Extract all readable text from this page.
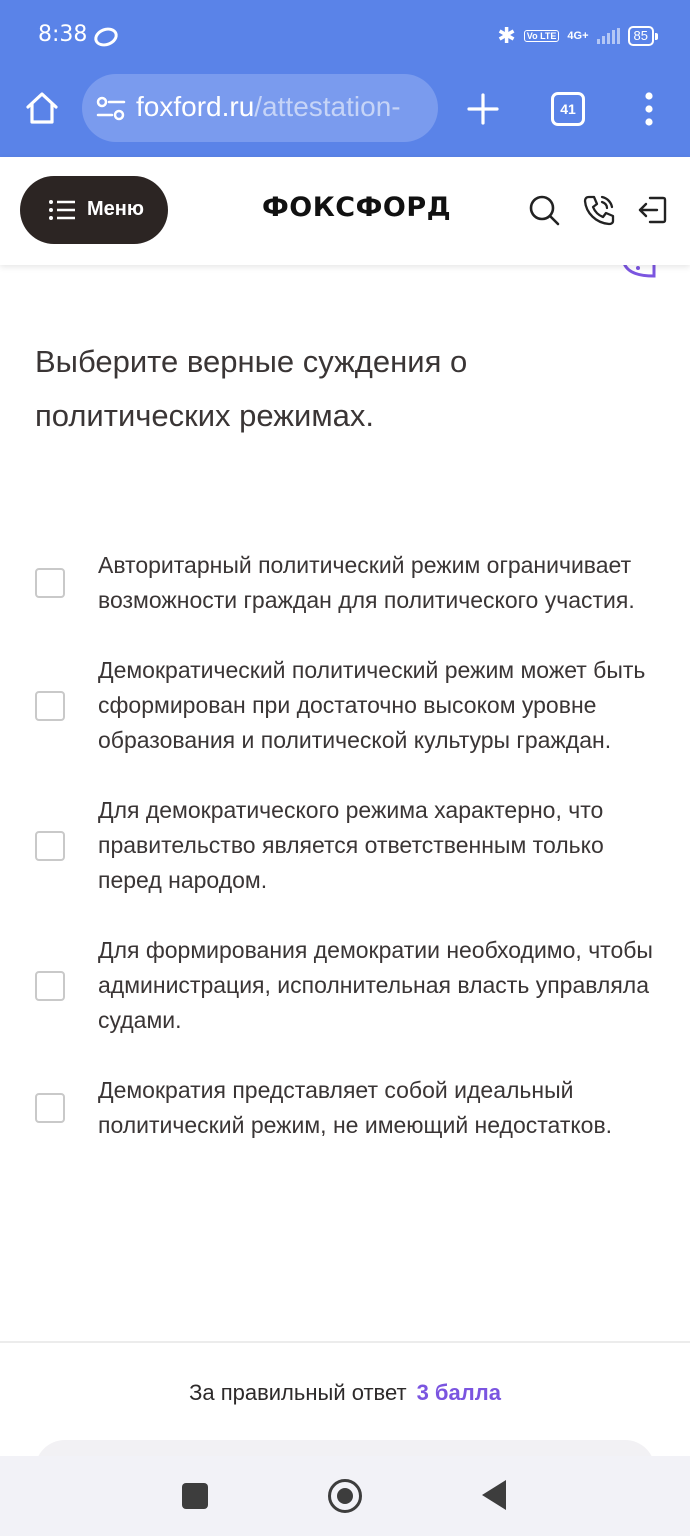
8:38	✱	Vo LTE 4G+	85
foxford.ru/attestation-	41
Меню	ФОКСФОРД
Выберите верные суждения о политических режимах.
Авторитарный политический режим ограничивает возможности граждан для политического участия.
Демократический политический режим может быть сформирован при достаточно высоком уровне образования и политической культуры граждан.
Для демократического режима характерно, что правительство является ответственным только перед народом.
Для формирования демократии необходимо, чтобы администрация, исполнительная власть управляла судами.
Демократия представляет собой идеальный политический режим, не имеющий недостатков.
За правильный ответ 3 балла
